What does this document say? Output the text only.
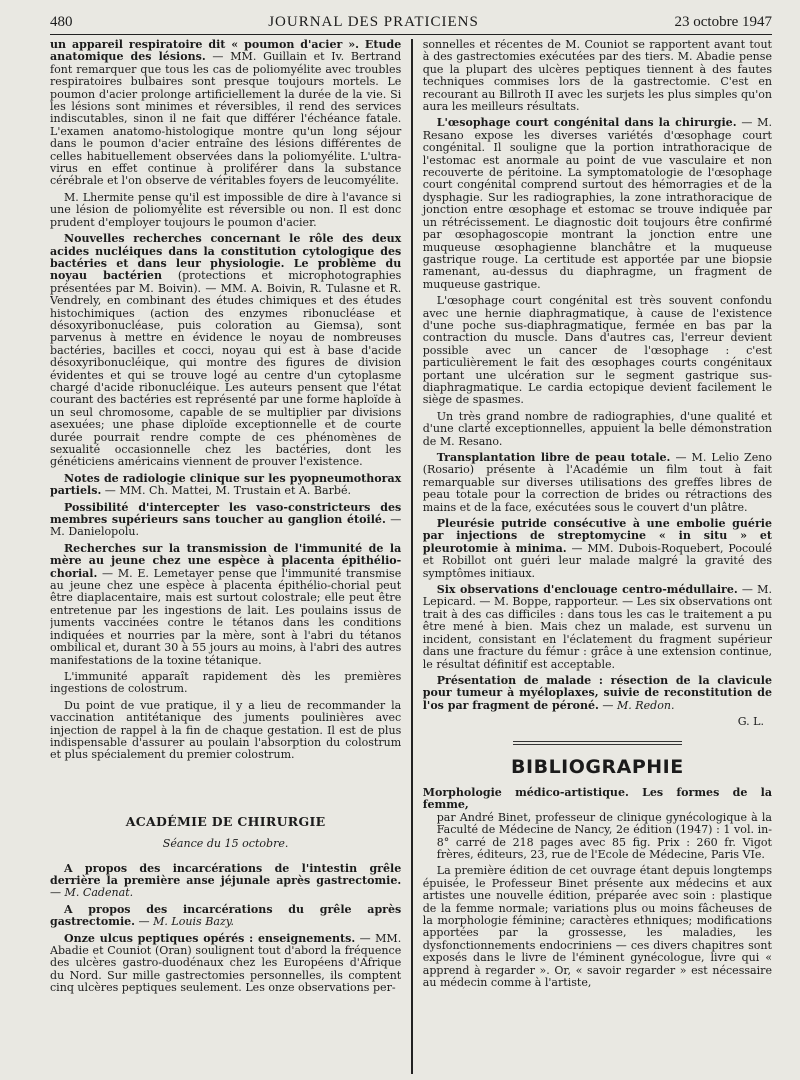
480	JOURNAL DES PRATICIENS	23 octobre 1947

un appareil respiratoire dit « poumon d'acier ». Étude anatomique des lésions. — MM. Guillain et Iv. Bertrand font remarquer que tous les cas de poliomyélite avec troubles respiratoires bulbaires sont presque toujours mortels. Le poumon d'acier prolonge artificiellement la durée de la vie. Si les lésions sont minimes et réversibles, il rend des services indiscutables, sinon il ne fait que différer l'échéance fatale. L'examen anatomo-histologique montre qu'un long séjour dans le poumon d'acier entraîne des lésions différentes de celles habituellement observées dans la poliomyélite. L'ultra-virus en effet continue à proliférer dans la substance cérébrale et l'on observe de véritables foyers de leucomyélite.

M. Lhermite pense qu'il est impossible de dire à l'avance si une lésion de poliomyélite est réversible ou non. Il est donc prudent d'employer toujours le poumon d'acier.

Nouvelles recherches concernant le rôle des deux acides nucléiques dans la constitution cytologique des bactéries et dans leur physiologie. Le problème du noyau bactérien (protections et microphotographies présentées par M. Boivin). — MM. A. Boivin, R. Tulasne et R. Vendrely, en combinant des études chimiques et des études histochimiques (action des enzymes ribonucléase et désoxyribonucléase, puis coloration au Giemsa), sont parvenus à mettre en évidence le noyau de nombreuses bactéries, bacilles et cocci, noyau qui est à base d'acide désoxyribonucléique, qui montre des figures de division évidentes et qui se trouve logé au centre d'un cytoplasme chargé d'acide ribonucléique. Les auteurs pensent que l'état courant des bactéries est représenté par une forme haploïde à un seul chromosome, capable de se multiplier par divisions asexuées; une phase diploïde exceptionnelle et de courte durée pourrait rendre compte de ces phénomènes de sexualité occasionnelle chez les bactéries, dont les généticiens américains viennent de prouver l'existence.

Notes de radiologie clinique sur les pyopneumothorax partiels. — MM. Ch. Mattei, M. Trustain et A. Barbé.

Possibilité d'intercepter les vaso-constricteurs des membres supérieurs sans toucher au ganglion étoilé. — M. Danielopolu.

Recherches sur la transmission de l'immunité de la mère au jeune chez une espèce à placenta épithélio-chorial. — M. E. Lemetayer pense que l'immunité transmise au jeune chez une espèce à placenta épithélio-chorial peut être diaplacentaire, mais est surtout colostrale; elle peut être entretenue par les ingestions de lait. Les poulains issus de juments vaccinées contre le tétanos dans les conditions indiquées et nourries par la mère, sont à l'abri du tétanos ombilical et, durant 30 à 55 jours au moins, à l'abri des autres manifestations de la toxine tétanique.

L'immunité apparaît rapidement dès les premières ingestions de colostrum.

Du point de vue pratique, il y a lieu de recommander la vaccination antitétanique des juments poulinières avec injection de rappel à la fin de chaque gestation. Il est de plus indispensable d'assurer au poulain l'absorption du colostrum et plus spécialement du premier colostrum.

ACADÉMIE DE CHIRURGIE
Séance du 15 octobre.

A propos des incarcérations de l'intestin grêle derrière la première anse jéjunale après gastrectomie. — M. Cadenat.

A propos des incarcérations du grêle après gastrectomie. — M. Louis Bazy.

Onze ulcus peptiques opérés : enseignements. — MM. Abadie et Couniot (Oran) soulignent tout d'abord la fréquence des ulcères gastro-duodénaux chez les Européens d'Afrique du Nord. Sur mille gastrectomies personnelles, ils comptent cinq ulcères peptiques seulement. Les onze observations per-

sonnelles et récentes de M. Couniot se rapportent avant tout à des gastrectomies exécutées par des tiers. M. Abadie pense que la plupart des ulcères peptiques tiennent à des fautes techniques commises lors de la gastrectomie. C'est en recourant au Billroth II avec les surjets les plus simples qu'on aura les meilleurs résultats.

L'œsophage court congénital dans la chirurgie. — M. Resano expose les diverses variétés d'œsophage court congénital. Il souligne que la portion intrathoracique de l'estomac est anormale au point de vue vasculaire et non recouverte de péritoine. La symptomatologie de l'œsophage court congénital comprend surtout des hémorragies et de la dysphagie. Sur les radiographies, la zone intrathoracique de jonction entre œsophage et estomac se trouve indiquée par un rétrécissement. Le diagnostic doit toujours être confirmé par œsophagoscopie montrant la jonction entre une muqueuse œsophagienne blanchâtre et la muqueuse gastrique rouge. La certitude est apportée par une biopsie ramenant, au-dessus du diaphragme, un fragment de muqueuse gastrique.

L'œsophage court congénital est très souvent confondu avec une hernie diaphragmatique, à cause de l'existence d'une poche sus-diaphragmatique, fermée en bas par la contraction du muscle. Dans d'autres cas, l'erreur devient possible avec un cancer de l'œsophage : c'est particulièrement le fait des œsophages courts congénitaux portant une ulcération sur le segment gastrique sus-diaphragmatique. Le cardia ectopique devient facilement le siège de spasmes.

Un très grand nombre de radiographies, d'une qualité et d'une clarté exceptionnelles, appuient la belle démonstration de M. Resano.

Transplantation libre de peau totale. — M. Lelio Zeno (Rosario) présente à l'Académie un film tout à fait remarquable sur diverses utilisations des greffes libres de peau totale pour la correction de brides ou rétractions des mains et de la face, exécutées sous le couvert d'un plâtre.

Pleurésie putride consécutive à une embolie guérie par injections de streptomycine « in situ » et pleurotomie à minima. — MM. Dubois-Roquebert, Pocoulé et Robillot ont guéri leur malade malgré la gravité des symptômes initiaux.

Six observations d'enclouage centro-médullaire. — M. Lepicard. — M. Boppe, rapporteur. — Les six observations ont trait à des cas difficiles : dans tous les cas le traitement a pu être mené à bien. Mais chez un malade, est survenu un incident, consistant en l'éclatement du fragment supérieur dans une fracture du fémur : grâce à une extension continue, le résultat définitif est acceptable.

Présentation de malade : résection de la clavicule pour tumeur à myéloplaxes, suivie de reconstitution de l'os par fragment de péroné. — M. Redon.

G. L.
BIBLIOGRAPHIE

Morphologie médico-artistique. Les formes de la femme,
par André Binet, professeur de clinique gynécologique à la Faculté de Médecine de Nancy, 2e édition (1947) : 1 vol. in-8° carré de 218 pages avec 85 fig. Prix : 260 fr. Vigot frères, éditeurs, 23, rue de l'Ecole de Médecine, Paris VIe.

La première édition de cet ouvrage étant depuis longtemps épuisée, le Professeur Binet présente aux médecins et aux artistes une nouvelle édition, préparée avec soin : plastique de la femme normale; variations plus ou moins fâcheuses de la morphologie féminine; caractères ethniques; modifications apportées par la grossesse, les maladies, les dysfonctionnements endocriniens — ces divers chapitres sont exposés dans le livre de l'éminent gynécologue, livre qui « apprend à regarder ». Or, « savoir regarder » est nécessaire au médecin comme à l'artiste,
